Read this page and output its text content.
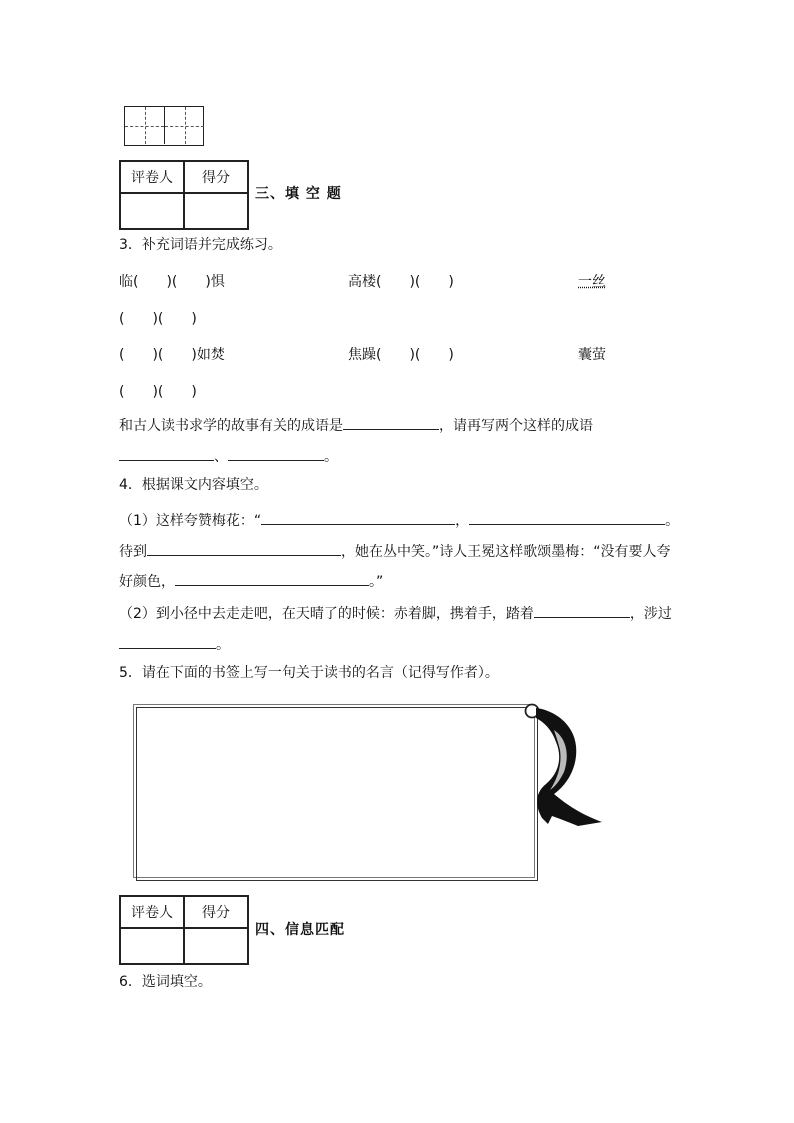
评卷人	得分

三、填 空 题
3．补充词语并完成练习。
临(　　)(　　)惧	高楼(　　)(　　)	一丝
(　　)(　　)
(　　)(　　)如焚	焦躁(　　)(　　)	囊萤
(　　)(　　)
和古人读书求学的故事有关的成语是	，请再写两个这样的成语
、	。
4．根据课文内容填空。
（1）这样夸赞梅花：“	，	。
待到	，她在丛中笑。”诗人王冕这样歌颂墨梅：“没有要人夸
好颜色，	。”
（2）到小径中去走走吧，在天晴了的时候：赤着脚，携着手，踏着	，涉过
。
5．请在下面的书签上写一句关于读书的名言（记得写作者）。
评卷人	得分

四、信息匹配
6．选词填空。
